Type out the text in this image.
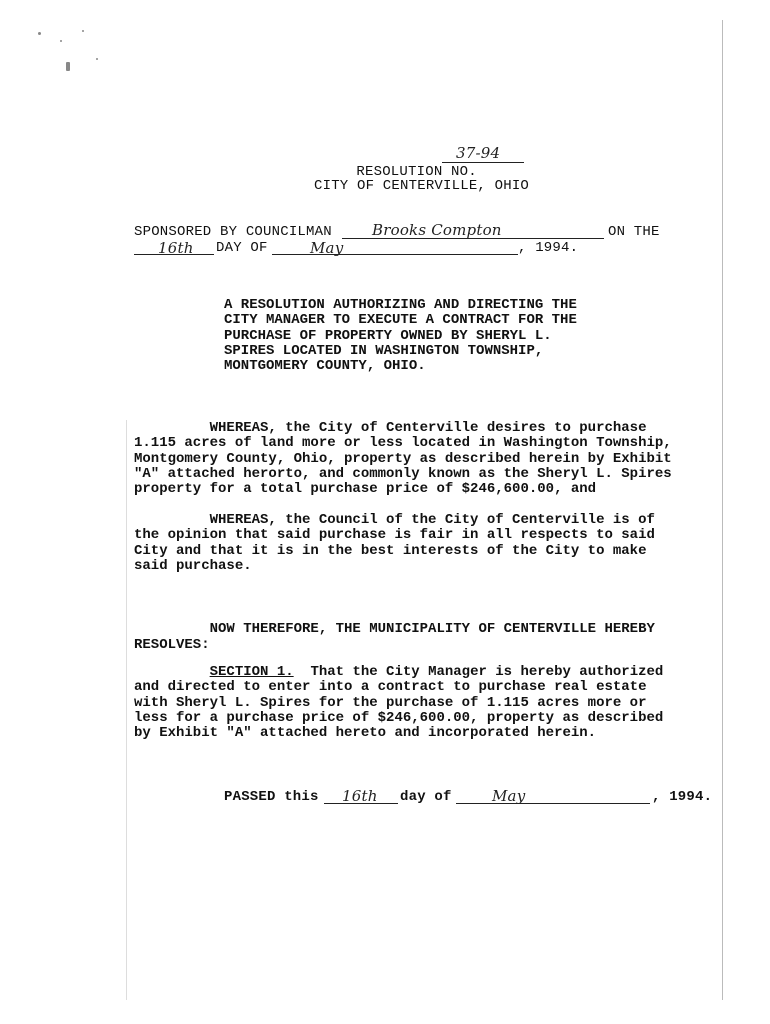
RESOLUTION NO.

37-94
CITY OF CENTERVILLE, OHIO
SPONSORED BY COUNCILMAN	Brooks Compton	ON THE
16th DAY OF	May	, 1994.
A RESOLUTION AUTHORIZING AND DIRECTING THE
CITY MANAGER TO EXECUTE A CONTRACT FOR THE
PURCHASE OF PROPERTY OWNED BY SHERYL L.
SPIRES LOCATED IN WASHINGTON TOWNSHIP,
MONTGOMERY COUNTY, OHIO.
WHEREAS, the City of Centerville desires to purchase
1.115 acres of land more or less located in Washington Township,
Montgomery County, Ohio, property as described herein by Exhibit
"A" attached herorto, and commonly known as the Sheryl L. Spires
property for a total purchase price of $246,600.00, and
WHEREAS, the Council of the City of Centerville is of
the opinion that said purchase is fair in all respects to said
City and that it is in the best interests of the City to make
said purchase.
NOW THEREFORE, THE MUNICIPALITY OF CENTERVILLE HEREBY
RESOLVES:
SECTION 1.  That the City Manager is hereby authorized
and directed to enter into a contract to purchase real estate
with Sheryl L. Spires for the purchase of 1.115 acres more or
less for a purchase price of $246,600.00, property as described
by Exhibit "A" attached hereto and incorporated herein.
PASSED this 16th day of	May	, 1994.
